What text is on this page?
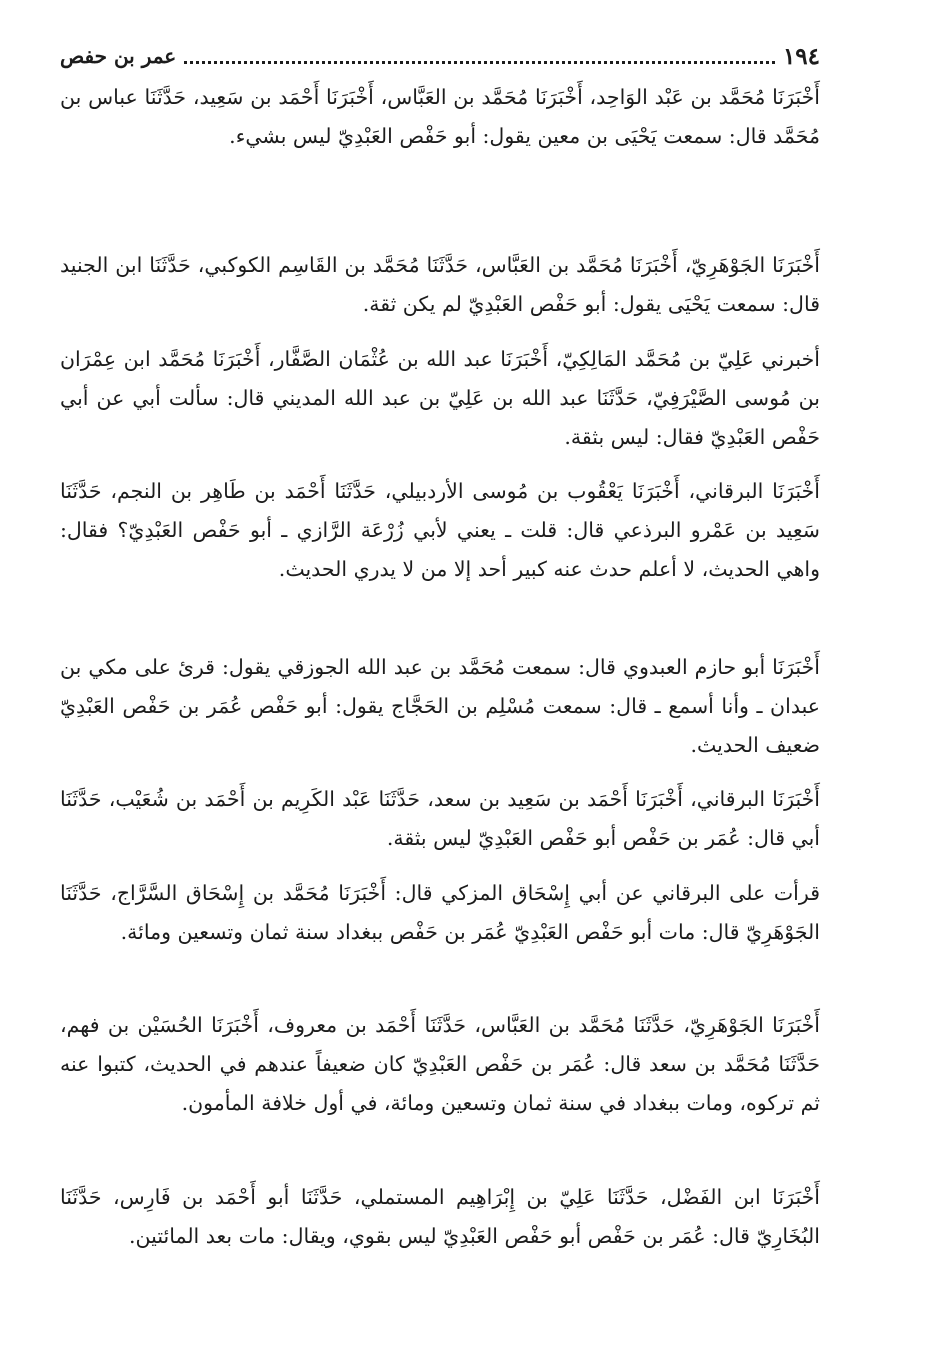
١٩٤
عمر بن حفص

أَخْبَرَنَا مُحَمَّد بن عَبْد الوَاحِد، أَخْبَرَنَا مُحَمَّد بن العَبَّاس، أَخْبَرَنَا أَحْمَد بن سَعِيد، حَدَّثَنَا عباس بن مُحَمَّد قال: سمعت يَحْيَى بن معين يقول: أبو حَفْص العَبْدِيّ ليس بشيء.

أَخْبَرَنَا الجَوْهَرِيّ، أَخْبَرَنَا مُحَمَّد بن العَبَّاس، حَدَّثَنَا مُحَمَّد بن القَاسِم الكوكبي، حَدَّثَنَا ابن الجنيد قال: سمعت يَحْيَى يقول: أبو حَفْص العَبْدِيّ لم يكن ثقة.

أخبرني عَلِيّ بن مُحَمَّد المَالِكِيّ، أَخْبَرَنَا عبد الله بن عُثْمَان الصَّفَّار، أَخْبَرَنَا مُحَمَّد ابن عِمْرَان بن مُوسى الصَّيْرَفِيّ، حَدَّثَنَا عبد الله بن عَلِيّ بن عبد الله المديني قال: سألت أبي عن أبي حَفْص العَبْدِيّ فقال: ليس بثقة.

أَخْبَرَنَا البرقاني، أَخْبَرَنَا يَعْقُوب بن مُوسى الأردبيلي، حَدَّثَنَا أَحْمَد بن طَاهِر بن النجم، حَدَّثَنَا سَعِيد بن عَمْرو البرذعي قال: قلت ـ يعني لأبي زُرْعَة الرَّازي ـ أبو حَفْص العَبْدِيّ؟ فقال: واهي الحديث، لا أعلم حدث عنه كبير أحد إلا من لا يدري الحديث.

أَخْبَرَنَا أبو حازم العبدوي قال: سمعت مُحَمَّد بن عبد الله الجوزقي يقول: قرئ على مكي بن عبدان ـ وأنا أسمع ـ قال: سمعت مُسْلِم بن الحَجَّاج يقول: أبو حَفْص عُمَر بن حَفْص العَبْدِيّ ضعيف الحديث.

أَخْبَرَنَا البرقاني، أَخْبَرَنَا أَحْمَد بن سَعِيد بن سعد، حَدَّثَنَا عَبْد الكَرِيم بن أَحْمَد بن شُعَيْب، حَدَّثَنَا أبي قال: عُمَر بن حَفْص أبو حَفْص العَبْدِيّ ليس بثقة.

قرأت على البرقاني عن أبي إِسْحَاق المزكي قال: أَخْبَرَنَا مُحَمَّد بن إِسْحَاق السَّرَّاج، حَدَّثَنَا الجَوْهَرِيّ قال: مات أبو حَفْص العَبْدِيّ عُمَر بن حَفْص ببغداد سنة ثمان وتسعين ومائة.

أَخْبَرَنَا الجَوْهَرِيّ، حَدَّثَنَا مُحَمَّد بن العَبَّاس، حَدَّثَنَا أَحْمَد بن معروف، أَخْبَرَنَا الحُسَيْن بن فهم، حَدَّثَنَا مُحَمَّد بن سعد قال: عُمَر بن حَفْص العَبْدِيّ كان ضعيفاً عندهم في الحديث، كتبوا عنه ثم تركوه، ومات ببغداد في سنة ثمان وتسعين ومائة، في أول خلافة المأمون.

أَخْبَرَنَا ابن الفَضْل، حَدَّثَنَا عَلِيّ بن إِبْرَاهِيم المستملي، حَدَّثَنَا أبو أَحْمَد بن فَارِس، حَدَّثَنَا البُخَارِيّ قال: عُمَر بن حَفْص أبو حَفْص العَبْدِيّ ليس بقوي، ويقال: مات بعد المائتين.
